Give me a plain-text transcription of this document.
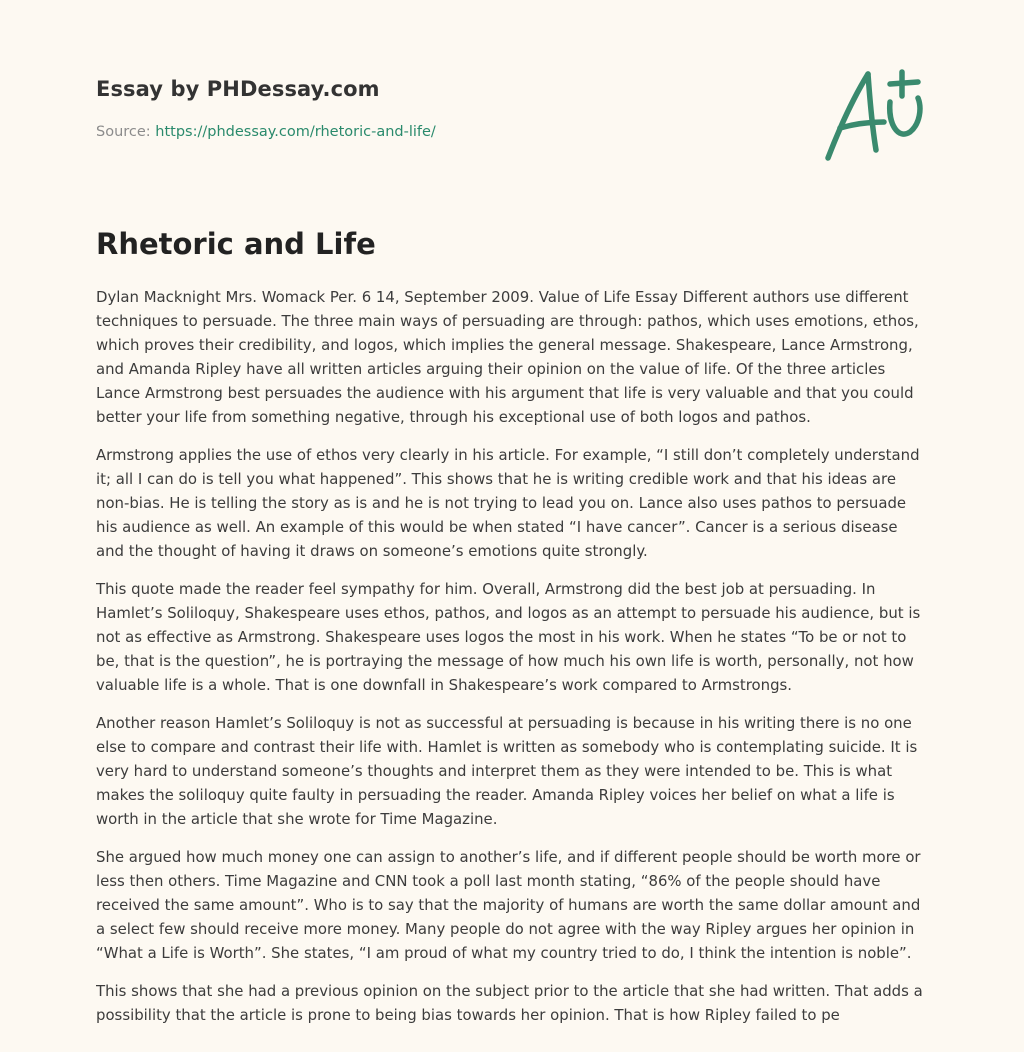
Essay by PHDessay.com
Source: https://phdessay.com/rhetoric-and-life/
Rhetoric and Life

Dylan Macknight Mrs. Womack Per. 6 14, September 2009. Value of Life Essay Different authors use different techniques to persuade. The three main ways of persuading are through: pathos, which uses emotions, ethos, which proves their credibility, and logos, which implies the general message. Shakespeare, Lance Armstrong, and Amanda Ripley have all written articles arguing their opinion on the value of life. Of the three articles Lance Armstrong best persuades the audience with his argument that life is very valuable and that you could better your life from something negative, through his exceptional use of both logos and pathos.

Armstrong applies the use of ethos very clearly in his article. For example, “I still don’t completely understand it; all I can do is tell you what happened”. This shows that he is writing credible work and that his ideas are non-bias. He is telling the story as is and he is not trying to lead you on. Lance also uses pathos to persuade his audience as well. An example of this would be when stated “I have cancer”. Cancer is a serious disease and the thought of having it draws on someone’s emotions quite strongly.

This quote made the reader feel sympathy for him. Overall, Armstrong did the best job at persuading. In Hamlet’s Soliloquy, Shakespeare uses ethos, pathos, and logos as an attempt to persuade his audience, but is not as effective as Armstrong. Shakespeare uses logos the most in his work. When he states “To be or not to be, that is the question”, he is portraying the message of how much his own life is worth, personally, not how valuable life is a whole. That is one downfall in Shakespeare’s work compared to Armstrongs.

Another reason Hamlet’s Soliloquy is not as successful at persuading is because in his writing there is no one else to compare and contrast their life with. Hamlet is written as somebody who is contemplating suicide. It is very hard to understand someone’s thoughts and interpret them as they were intended to be. This is what makes the soliloquy quite faulty in persuading the reader. Amanda Ripley voices her belief on what a life is worth in the article that she wrote for Time Magazine.

She argued how much money one can assign to another’s life, and if different people should be worth more or less then others. Time Magazine and CNN took a poll last month stating, “86% of the people should have received the same amount”. Who is to say that the majority of humans are worth the same dollar amount and a select few should receive more money. Many people do not agree with the way Ripley argues her opinion in “What a Life is Worth”. She states, “I am proud of what my country tried to do, I think the intention is noble”.

This shows that she had a previous opinion on the subject prior to the article that she had written. That adds a possibility that the article is prone to being bias towards her opinion. That is how Ripley failed to pe
